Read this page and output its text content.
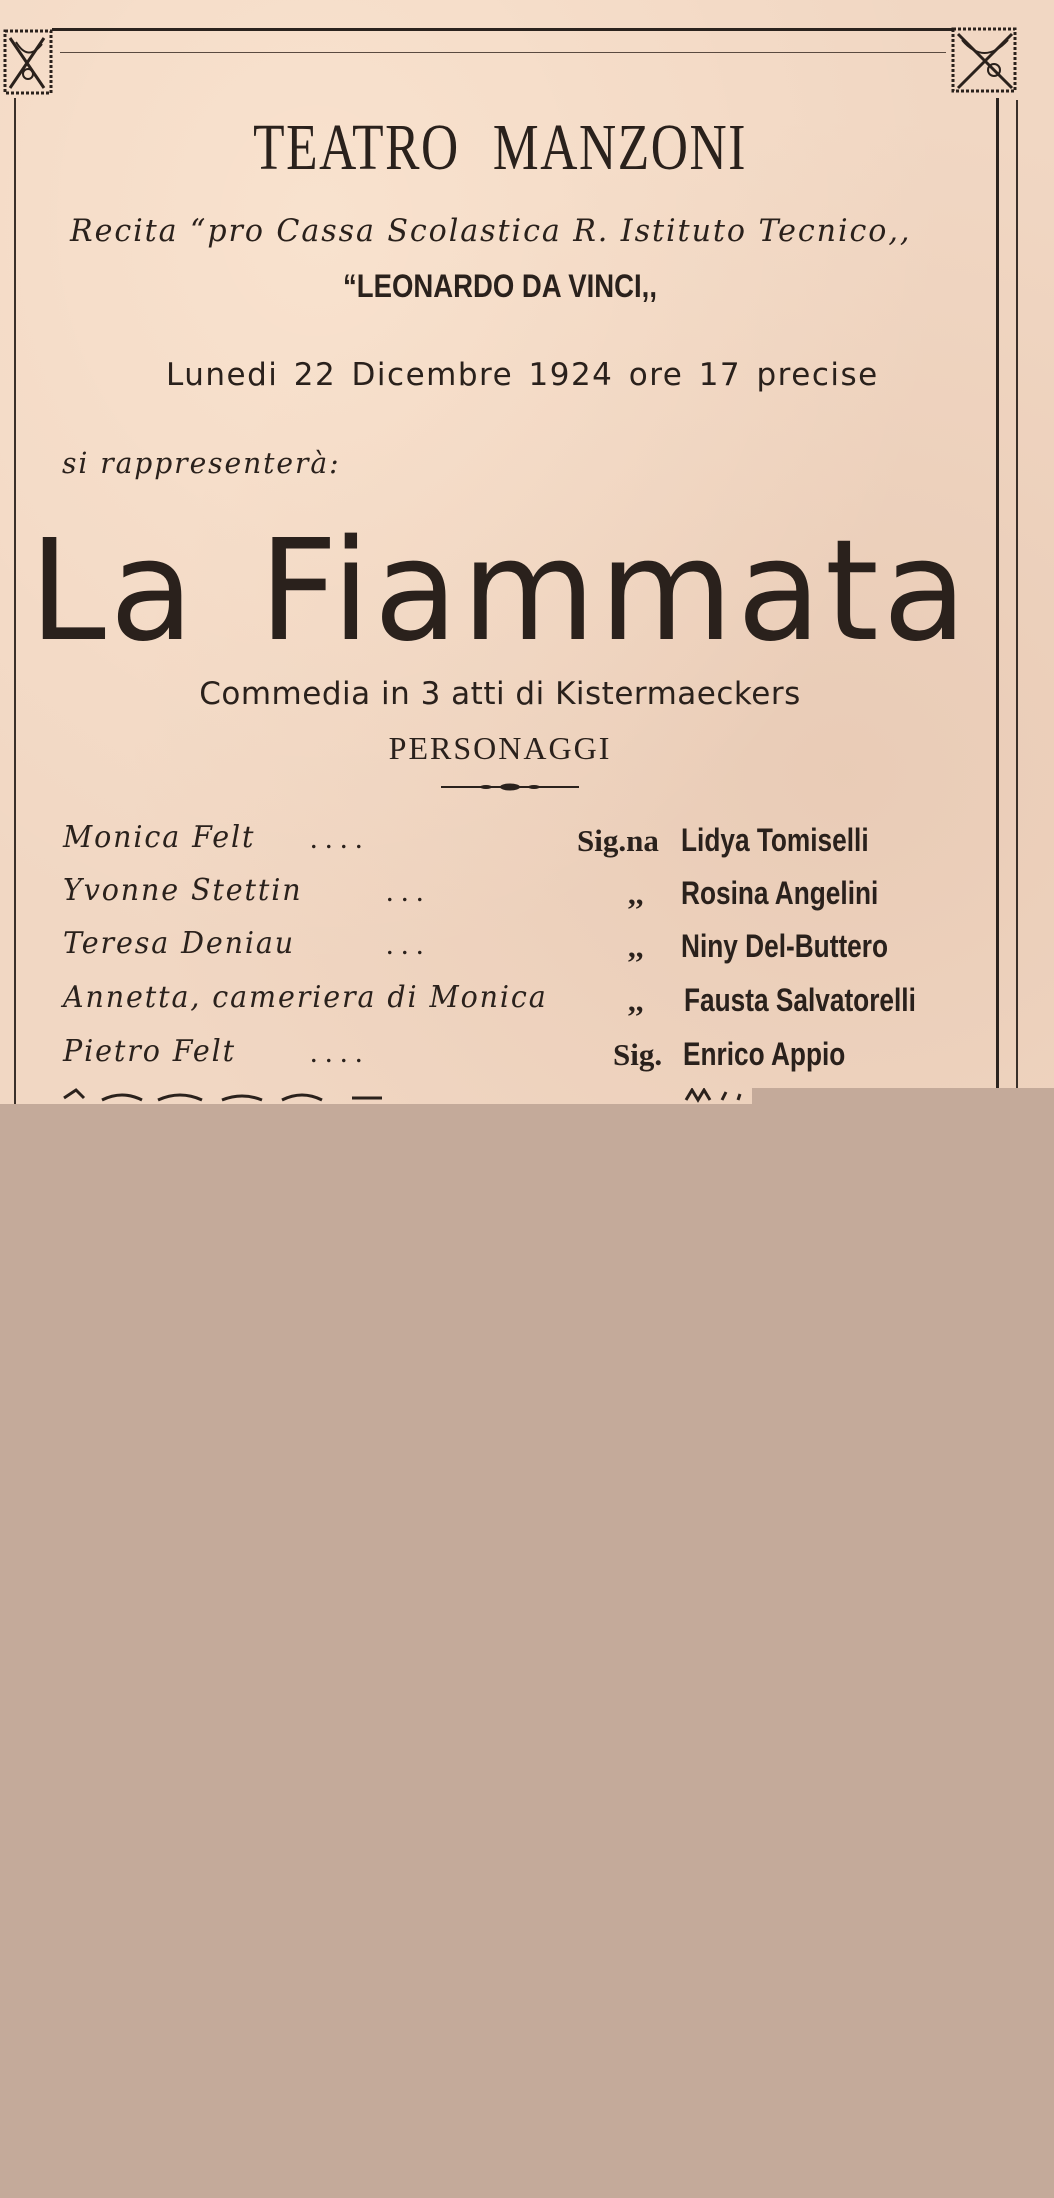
TEATRO MANZONI

Recita “pro Cassa Scolastica R. Istituto Tecnico,,

“LEONARDO DA VINCI,,

Lunedi 22 Dicembre 1924 ore 17 precise

si rappresenterà:

La Fiammata

Commedia in 3 atti di Kistermaeckers

PERSONAGGI

Monica Felt . . . .	Sig.na Lidya Tomiselli

Yvonne Stettin	. . .	,, Rosina Angelini

Teresa Deniau	. . .	,, Niny Del-Buttero

Annetta, cameriera di Monica	,, Fausta Salvatorelli

Pietro Felt . . . .	Sig. Enrico Appio
